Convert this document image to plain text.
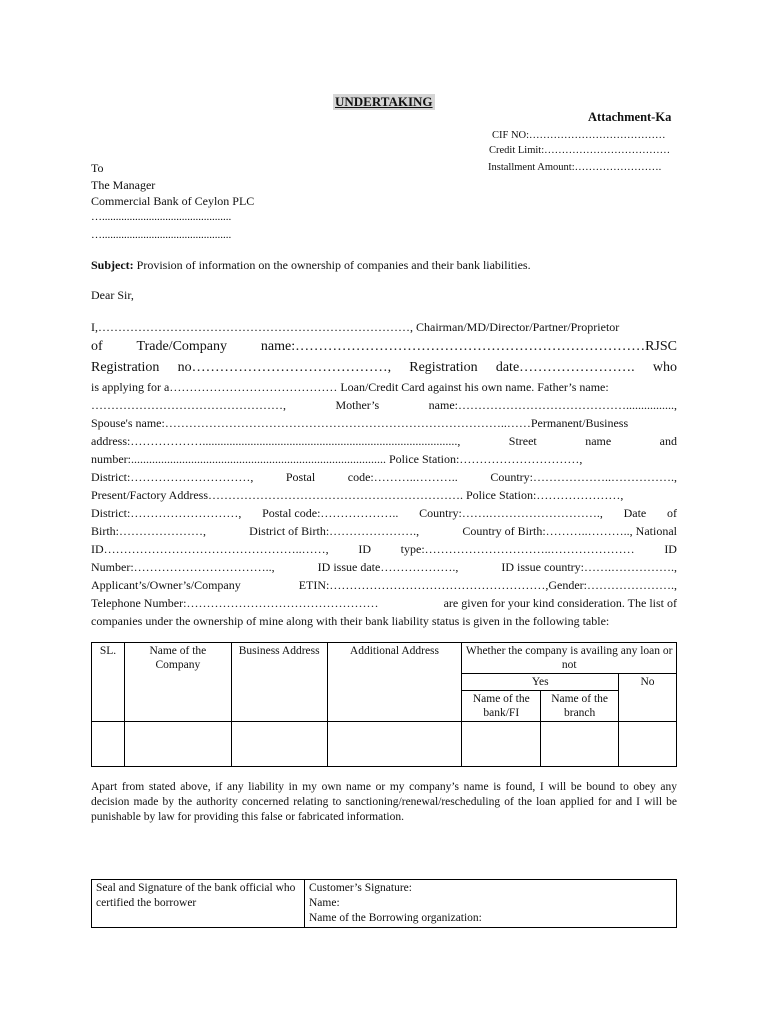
UNDERTAKING
Attachment-Ka
CIF NO:…………………………………
Credit Limit:………………………………
Installment Amount:…………………….
To
The Manager
Commercial Bank of Ceylon PLC
…...............................................
…...............................................
Subject: Provision of information on the ownership of companies and their bank liabilities.
Dear Sir,
I,……………………………………………………………………, Chairman/MD/Director/Partner/Proprietor
of Trade/Company name:…………………………………………………………………RJSC
Registration no……………………………………, Registration date……………………. who
is applying for a…………………………………… Loan/Credit Card against his own name. Father’s name:
…………………………………………,	Mother’s	name:……………………………………................,
Spouse's name:…………………………………………………………………………..……Permanent/Business
address:……………….....................................................................................,	Street	name	and
number:..................................................................................... Police Station:…………………………,
District:…………………………,	Postal	code:………..………..	Country:………………..…………….,
Present/Factory Address………………………………………………………. Police Station:…………………,
District:………………………, Postal code:……………….. Country:…….………………………., Date of
Birth:…………………,	District of Birth:………………….,	Country of Birth:………..……….., National
ID…………………………………………..……, ID type:…………………………..………………… ID
Number:……………………………..,	ID issue date……………….,	ID issue country:…….…………….,
Applicant’s/Owner’s/Company	ETIN:………………………………………………,Gender:………………….,
Telephone Number:…………………………………………	are given for your kind consideration. The list of
companies under the ownership of mine along with their bank liability status is given in the following table:
SL.	Name of the Company	Business Address	Additional Address	Whether the company is availing any loan or not		
				Yes		No
				Name of the bank/FI	Name of the branch	

Apart from stated above, if any liability in my own name or my company’s name is found, I will be bound to obey any decision made by the authority concerned relating to sanctioning/renewal/rescheduling of the loan applied for and I will be punishable by law for providing this false or fabricated information.
Seal and Signature of the bank official who certified the borrower	
Customer’s Signature:
Name:
Name of the Borrowing organization:
